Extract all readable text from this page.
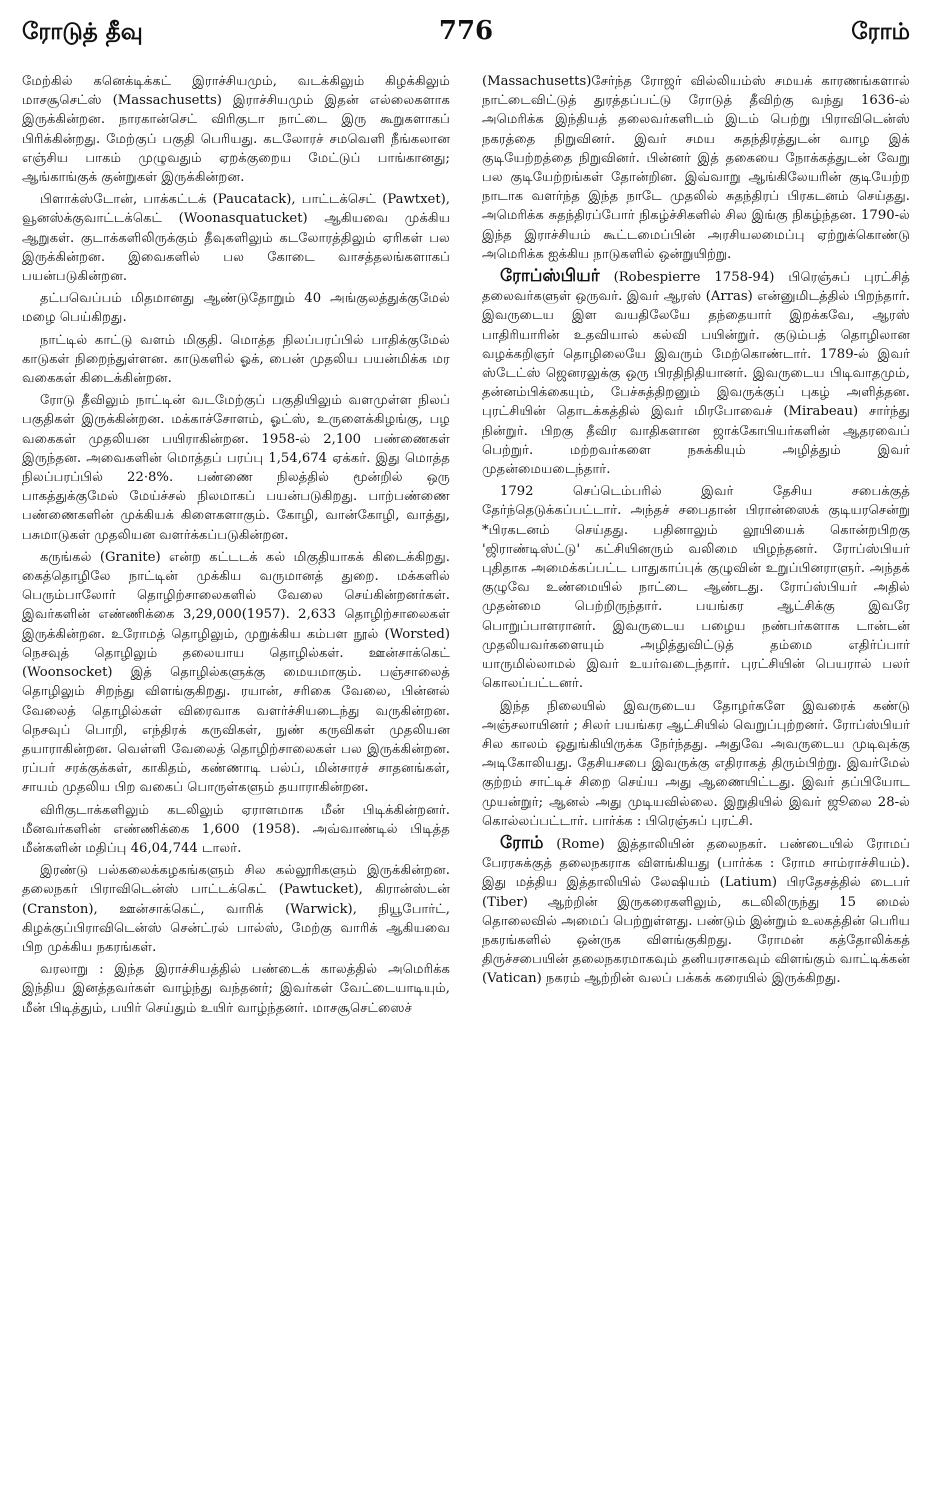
ரோடுத் தீவு	776	ரோம்

மேற்கில் கனெக்டிக்கட் இராச்சியமும், வடக்கிலும் கிழக்கிலும் மாசசூசெட்ஸ் (Massachusetts) இராச்சியமும் இதன் எல்லைகளாக இருக்கின்றன. நாரகான்செட் விரிகுடா நாட்டை இரு கூறுகளாகப் பிரிக்கின்றது. மேற்குப் பகுதி பெரியது. கடலோரச் சமவெளி நீங்கலான எஞ்சிய பாகம் முழுவதும் ஏறக்குறைய மேட்டுப் பாங்கானது; ஆங்காங்குக் குன்றுகள் இருக்கின்றன.

பிளாக்ஸ்டோன், பாக்கட்டக் (Paucatack), பாட்டக்செட் (Pawtxet), வூனஸ்க்குவாட்டக்கெட் (Woonasquatucket) ஆகியவை முக்கிய ஆறுகள். குடாக்களிலிருக்கும் தீவுகளிலும் கடலோரத்திலும் ஏரிகள் பல இருக்கின்றன. இவைகளில் பல கோடை வாசத்தலங்களாகப் பயன்படுகின்றன.

தட்பவெப்பம் மிதமானது ஆண்டுதோறும் 40 அங்குலத்துக்குமேல் மழை பெய்கிறது.

நாட்டில் காட்டு வளம் மிகுதி. மொத்த நிலப்பரப்பில் பாதிக்குமேல் காடுகள் நிறைந்துள்ளன. காடுகளில் ஓக், பைன் முதலிய பயன்மிக்க மர வகைகள் கிடைக்கின்றன.

ரோடு தீவிலும் நாட்டின் வடமேற்குப் பகுதியிலும் வளமுள்ள நிலப் பகுதிகள் இருக்கின்றன. மக்காச்சோளம், ஓட்ஸ், உருளைக்கிழங்கு, பழ வகைகள் முதலியன பயிராகின்றன. 1958-ல் 2,100 பண்ணைகள் இருந்தன. அவைகளின் மொத்தப் பரப்பு 1,54,674 ஏக்கர். இது மொத்த நிலப்பரப்பில் 22·8%. பண்ணை நிலத்தில் மூன்றில் ஒரு பாகத்துக்குமேல் மேய்ச்சல் நிலமாகப் பயன்படுகிறது. பாற்பண்ணை பண்ணைகளின் முக்கியக் கிளைகளாகும். கோழி, வான்கோழி, வாத்து, பசுமாடுகள் முதலியன வளர்க்கப்படுகின்றன.

கருங்கல் (Granite) என்ற கட்டடக் கல் மிகுதியாகக் கிடைக்கிறது. கைத்தொழிலே நாட்டின் முக்கிய வருமானத் துறை. மக்களில் பெரும்பாலோர் தொழிற்சாலைகளில் வேலை செய்கின்றனர்கள். இவர்களின் எண்ணிக்கை 3,29,000(1957). 2,633 தொழிற்சாலைகள் இருக்கின்றன. உரோமத் தொழிலும், முறுக்கிய கம்பள நூல் (Worsted) நெசவுத் தொழிலும் தலையாய தொழில்கள். ஊன்சாக்கெட் (Woonsocket) இத் தொழில்களுக்கு மையமாகும். பஞ்சாலைத் தொழிலும் சிறந்து விளங்குகிறது. ரயான், சரிகை வேலை, பின்னல் வேலைத் தொழில்கள் விரைவாக வளர்ச்சியடைந்து வருகின்றன. நெசவுப் பொறி, எந்திரக் கருவிகள், நுண் கருவிகள் முதலியன தயாராகின்றன. வெள்ளி வேலைத் தொழிற்சாலைகள் பல இருக்கின்றன. ரப்பர் சரக்குக்கள், காகிதம், கண்ணாடி பல்ப், மின்சாரச் சாதனங்கள், சாயம் முதலிய பிற வகைப் பொருள்களும் தயாராகின்றன.

விரிகுடாக்களிலும் கடலிலும் ஏராளமாக மீன் பிடிக்கின்றனர். மீனவர்களின் எண்ணிக்கை 1,600 (1958). அவ்வாண்டில் பிடித்த மீன்களின் மதிப்பு 46,04,744 டாலர்.

இரண்டு பல்கலைக்கழகங்களும் சில கல்லூரிகளும் இருக்கின்றன. தலைநகர் பிராவிடென்ஸ் பாட்டக்கெட் (Pawtucket), கிரான்ஸ்டன் (Cranston), ஊன்சாக்கெட், வாரிக் (Warwick), நியூபோர்ட், கிழக்குப்பிராவிடென்ஸ் சென்ட்ரல் பால்ஸ், மேற்கு வாரிக் ஆகியவை பிற முக்கிய நகரங்கள்.

வரலாறு : இந்த இராச்சியத்தில் பண்டைக் காலத்தில் அமெரிக்க இந்திய இனத்தவர்கள் வாழ்ந்து வந்தனர்; இவர்கள் வேட்டையாடியும், மீன் பிடித்தும், பயிர் செய்தும் உயிர் வாழ்ந்தனர். மாசசூசெட்ஸைச்

(Massachusetts)சேர்ந்த ரோஜர் வில்லியம்ஸ் சமயக் காரணங்களால் நாட்டைவிட்டுத் துரத்தப்பட்டு ரோடுத் தீவிற்கு வந்து 1636-ல் அமெரிக்க இந்தியத் தலைவர்களிடம் இடம் பெற்று பிராவிடென்ஸ் நகரத்தை நிறுவினர். இவர் சமய சுதந்திரத்துடன் வாழ இக் குடியேற்றத்தை நிறுவினர். பின்னர் இத் தகையை நோக்கத்துடன் வேறு பல குடியேற்றங்கள் தோன்றின. இவ்வாறு ஆங்கிலேயரின் குடியேற்ற நாடாக வளர்ந்த இந்த நாடே முதலில் சுதந்திரப் பிரகடனம் செய்தது. அமெரிக்க சுதந்திரப்போர் நிகழ்ச்சிகளில் சில இங்கு நிகழ்ந்தன. 1790-ல் இந்த இராச்சியம் கூட்டமைப்பின் அரசியலமைப்பு ஏற்றுக்கொண்டு அமெரிக்க ஐக்கிய நாடுகளில் ஒன்றுயிற்று.

ரோப்ஸ்பியர் (Robespierre 1758-94) பிரெஞ்சுப் புரட்சித் தலைவர்களுள் ஒருவர். இவர் ஆரஸ் (Arras) என்னுமிடத்தில் பிறந்தார். இவருடைய இள வயதிலேயே தந்தையார் இறக்கவே, ஆரஸ் பாதிரியாரின் உதவியால் கல்வி பயின்றுர். குடும்பத் தொழிலான வழக்கறிஞர் தொழிலையே இவரும் மேற்கொண்டார். 1789-ல் இவர் ஸ்டேட்ஸ் ஜெனரலுக்கு ஒரு பிரதிநிதியானர். இவருடைய பிடிவாதமும், தன்னம்பிக்கையும், பேச்சுத்திறனும் இவருக்குப் புகழ் அளித்தன. புரட்சியின் தொடக்கத்தில் இவர் மிரபோவைச் (Mirabeau) சார்ந்து நின்றுர். பிறகு தீவிர வாதிகளான ஜாக்கோபியர்களின் ஆதரவைப் பெற்றுர். மற்றவர்களை நசுக்கியும் அழித்தும் இவர் முதன்மையடைந்தார்.

1792 செப்டெம்பரில் இவர் தேசிய சபைக்குத் தேர்ந்தெடுக்கப்பட்டார். அந்தச் சபைதான் பிரான்ஸைக் குடியரசென்று *பிரகடனம் செய்தது. பதினாலும் லூயியைக் கொன்றபிறகு 'ஜிராண்டிஸ்ட்டு' கட்சியினரும் வலிமை யிழந்தனர். ரோப்ஸ்பியர் புதிதாக அமைக்கப்பட்ட பாதுகாப்புக் குழுவின் உறுப்பினராளுர். அந்தக் குழுவே உண்மையில் நாட்டை ஆண்டது. ரோப்ஸ்பியர் அதில் முதன்மை பெற்றிருந்தார். பயங்கர ஆட்சிக்கு இவரே பொறுப்பாளரானர். இவருடைய பழைய நண்பர்களாக டான்டன் முதலியவர்களையும் அழித்துவிட்டுத் தம்மை எதிர்ப்பார் யாருமில்லாமல் இவர் உயர்வடைந்தார். புரட்சியின் பெயரால் பலர் கொலப்பட்டனர்.

இந்த நிலையில் இவருடைய தோழர்களே இவரைக் கண்டு அஞ்சலாயினர் ; சிலர் பயங்கர ஆட்சியில் வெறுப்புற்றனர். ரோப்ஸ்பியர் சில காலம் ஒதுங்கியிருக்க நேர்ந்தது. அதுவே அவருடைய முடிவுக்கு அடிகோலியது. தேசியசபை இவருக்கு எதிராகத் திரும்பிற்று. இவர்மேல் குற்றம் சாட்டிச் சிறை செய்ய அது ஆணையிட்டது. இவர் தப்பியோட முயன்றுர்; ஆனல் அது முடியவில்லை. இறுதியில் இவர் ஜூலை 28-ல் கொல்லப்பட்டார். பார்க்க : பிரெஞ்சுப் புரட்சி.

ரோம் (Rome) இத்தாலியின் தலைநகர். பண்டையில் ரோமப் பேரரசுக்குத் தலைநகராக விளங்கியது (பார்க்க : ரோம சாம்ராச்சியம்). இது மத்திய இத்தாலியில் லேஷியம் (Latium) பிரதேசத்தில் டைபர் (Tiber) ஆற்றின் இருகரைகளிலும், கடலிலிருந்து 15 மைல் தொலைவில் அமைப் பெற்றுள்ளது. பண்டும் இன்றும் உலகத்தின் பெரிய நகரங்களில் ஒன்ருக விளங்குகிறது. ரோமன் கத்தோலிக்கத் திருச்சபையின் தலைநகரமாகவும் தனியரசாகவும் விளங்கும் வாட்டிக்கன் (Vatican) நகரம் ஆற்றின் வலப் பக்கக் கரையில் இருக்கிறது.
